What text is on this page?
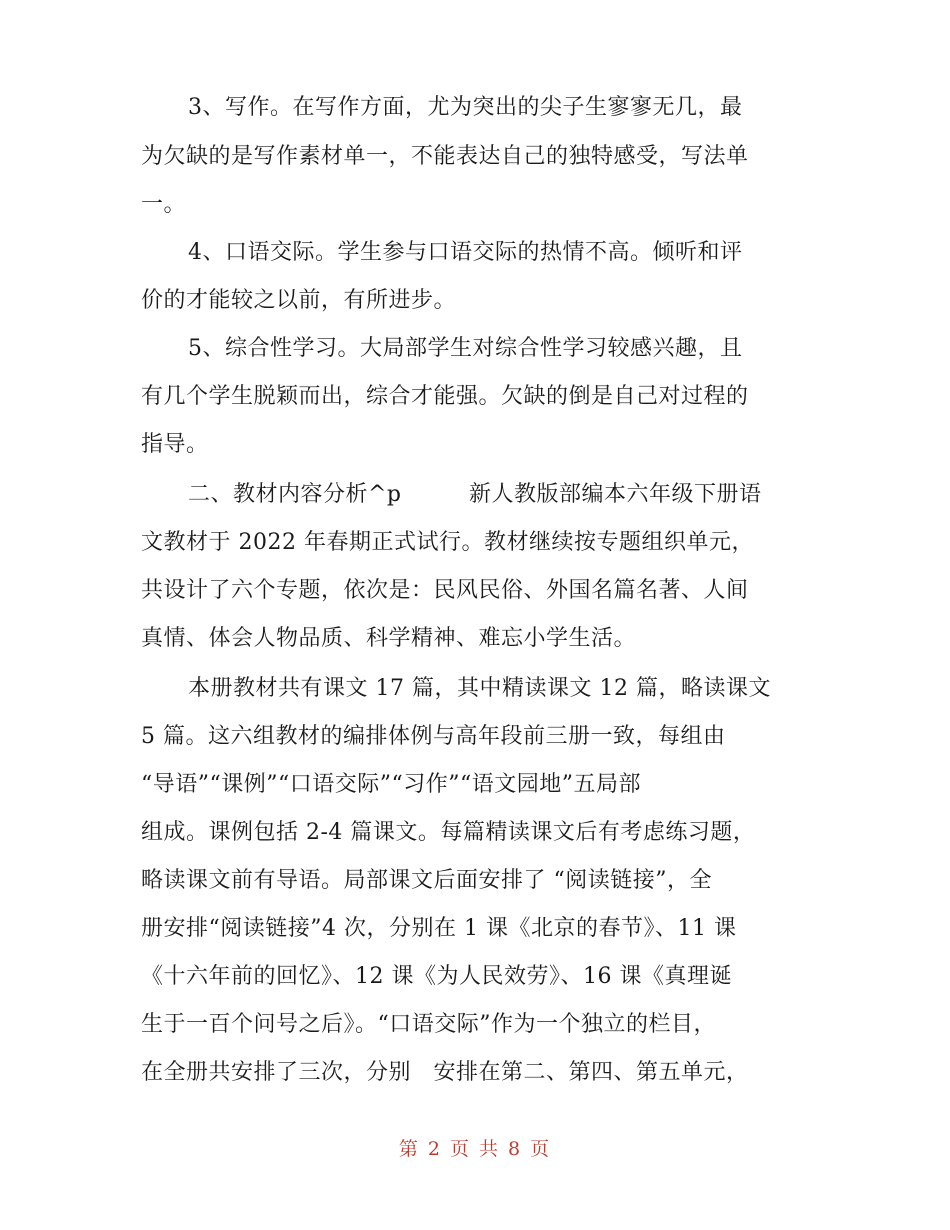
3、写作。在写作方面，尤为突出的尖子生寥寥无几，最
为欠缺的是写作素材单一，不能表达自己的独特感受，写法单
一。
4、口语交际。学生参与口语交际的热情不高。倾听和评
价的才能较之以前，有所进步。
5、综合性学习。大局部学生对综合性学习较感兴趣，且
有几个学生脱颖而出，综合才能强。欠缺的倒是自己对过程的
指导。
二、教材内容分析^p　　　新人教版部编本六年级下册语
文教材于 2022 年春期正式试行。教材继续按专题组织单元，
共设计了六个专题，依次是：民风民俗、外国名篇名著、人间
真情、体会人物品质、科学精神、难忘小学生活。
本册教材共有课文 17 篇，其中精读课文 12 篇，略读课文
5 篇。这六组教材的编排体例与高年段前三册一致，每组由
“导语”“课例”“口语交际”“习作”“语文园地”五局部
组成。课例包括 2-4 篇课文。每篇精读课文后有考虑练习题，
略读课文前有导语。局部课文后面安排了 “阅读链接”，全
册安排“阅读链接”4 次，分别在 1 课《北京的春节》、11 课
《十六年前的回忆》、12 课《为人民效劳》、16 课《真理诞
生于一百个问号之后》。“口语交际”作为一个独立的栏目，
在全册共安排了三次，分别　安排在第二、第四、第五单元，
第 2 页 共 8 页
